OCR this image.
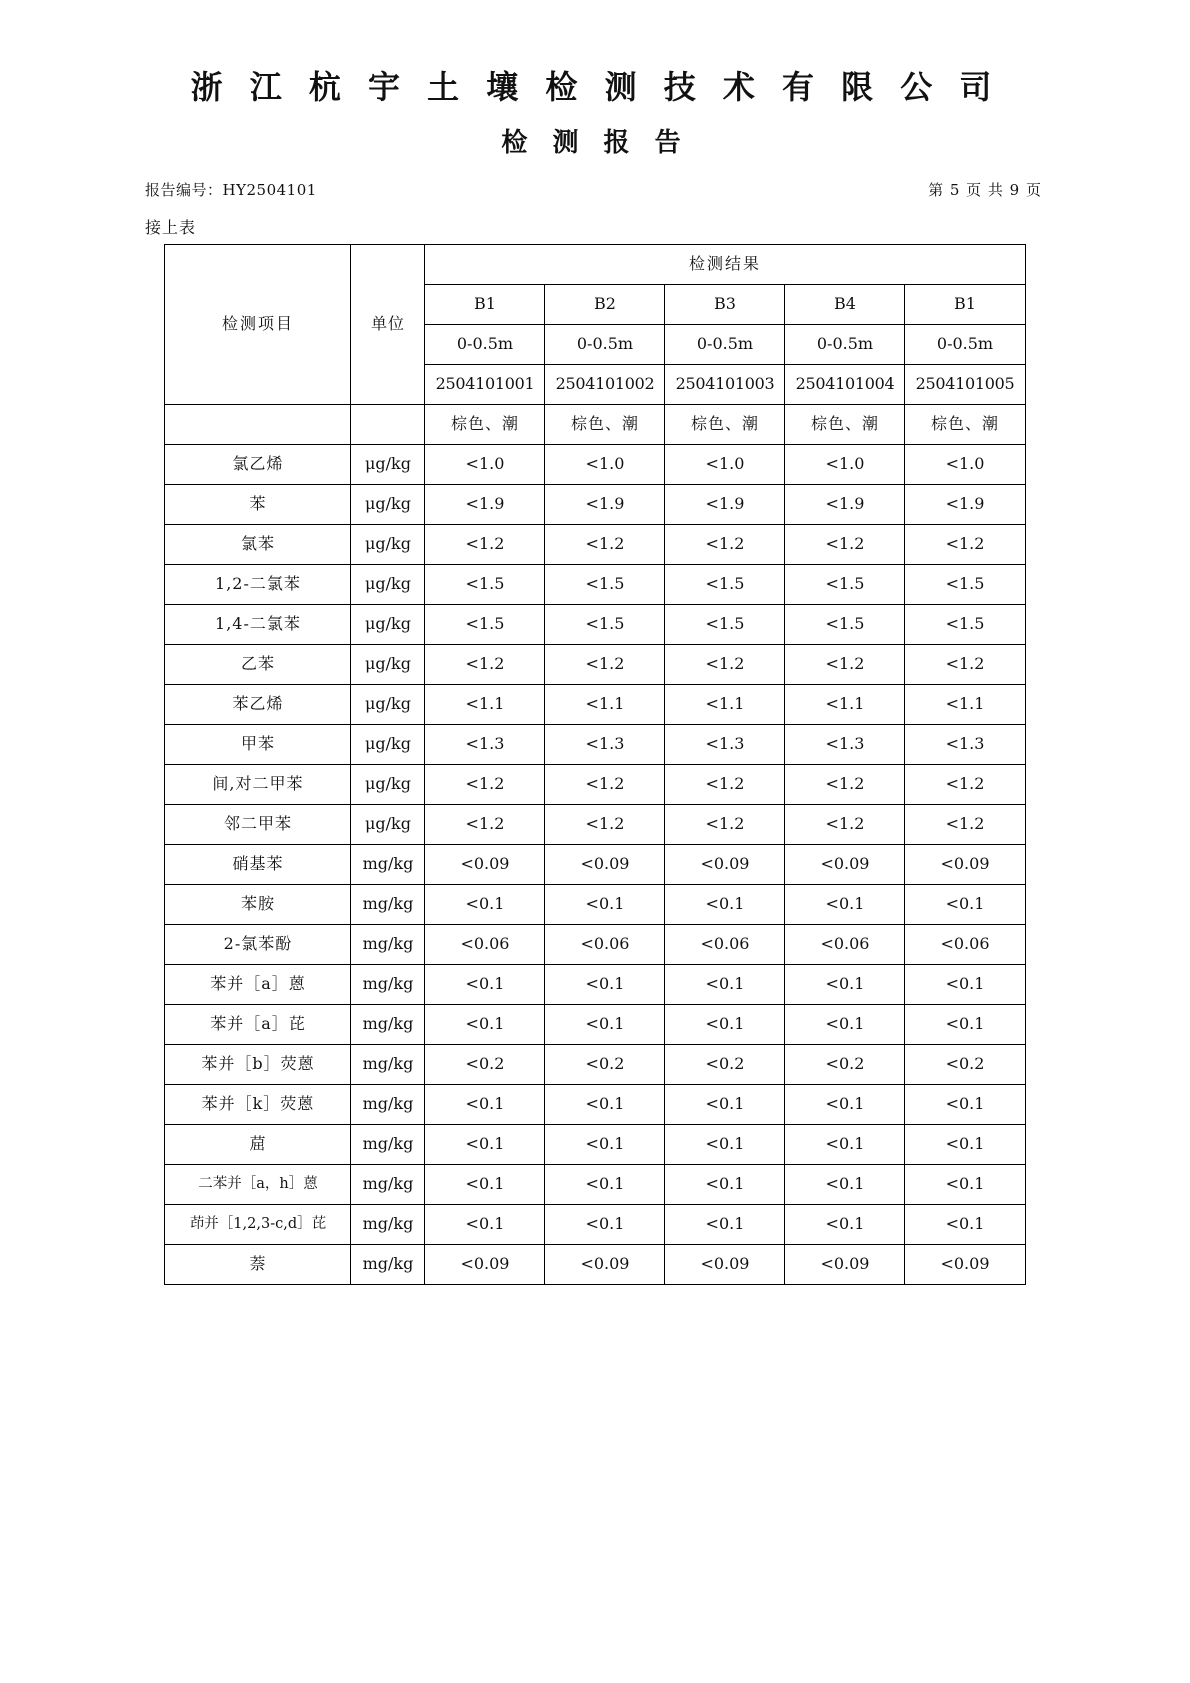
浙 江 杭 宇 土 壤 检 测 技 术 有 限 公 司
检 测 报 告
报告编号：HY2504101	第 5 页 共 9 页
接上表
检测项目	单位	检测结果				
		B1	B2	B3	B4	B1
		0-0.5m	0-0.5m	0-0.5m	0-0.5m	0-0.5m
		2504101001	2504101002	2504101003	2504101004	2504101005
		棕色、潮	棕色、潮	棕色、潮	棕色、潮	棕色、潮
氯乙烯	μg/kg	<1.0	<1.0	<1.0	<1.0	<1.0
苯	μg/kg	<1.9	<1.9	<1.9	<1.9	<1.9
氯苯	μg/kg	<1.2	<1.2	<1.2	<1.2	<1.2
1,2-二氯苯	μg/kg	<1.5	<1.5	<1.5	<1.5	<1.5
1,4-二氯苯	μg/kg	<1.5	<1.5	<1.5	<1.5	<1.5
乙苯	μg/kg	<1.2	<1.2	<1.2	<1.2	<1.2
苯乙烯	μg/kg	<1.1	<1.1	<1.1	<1.1	<1.1
甲苯	μg/kg	<1.3	<1.3	<1.3	<1.3	<1.3
间,对二甲苯	μg/kg	<1.2	<1.2	<1.2	<1.2	<1.2
邻二甲苯	μg/kg	<1.2	<1.2	<1.2	<1.2	<1.2
硝基苯	mg/kg	<0.09	<0.09	<0.09	<0.09	<0.09
苯胺	mg/kg	<0.1	<0.1	<0.1	<0.1	<0.1
2-氯苯酚	mg/kg	<0.06	<0.06	<0.06	<0.06	<0.06
苯并［a］蒽	mg/kg	<0.1	<0.1	<0.1	<0.1	<0.1
苯并［a］芘	mg/kg	<0.1	<0.1	<0.1	<0.1	<0.1
苯并［b］荧蒽	mg/kg	<0.2	<0.2	<0.2	<0.2	<0.2
苯并［k］荧蒽	mg/kg	<0.1	<0.1	<0.1	<0.1	<0.1
䓛	mg/kg	<0.1	<0.1	<0.1	<0.1	<0.1
二苯并［a，h］蒽	mg/kg	<0.1	<0.1	<0.1	<0.1	<0.1
茚并［1,2,3-c,d］芘	mg/kg	<0.1	<0.1	<0.1	<0.1	<0.1
萘	mg/kg	<0.09	<0.09	<0.09	<0.09	<0.09
